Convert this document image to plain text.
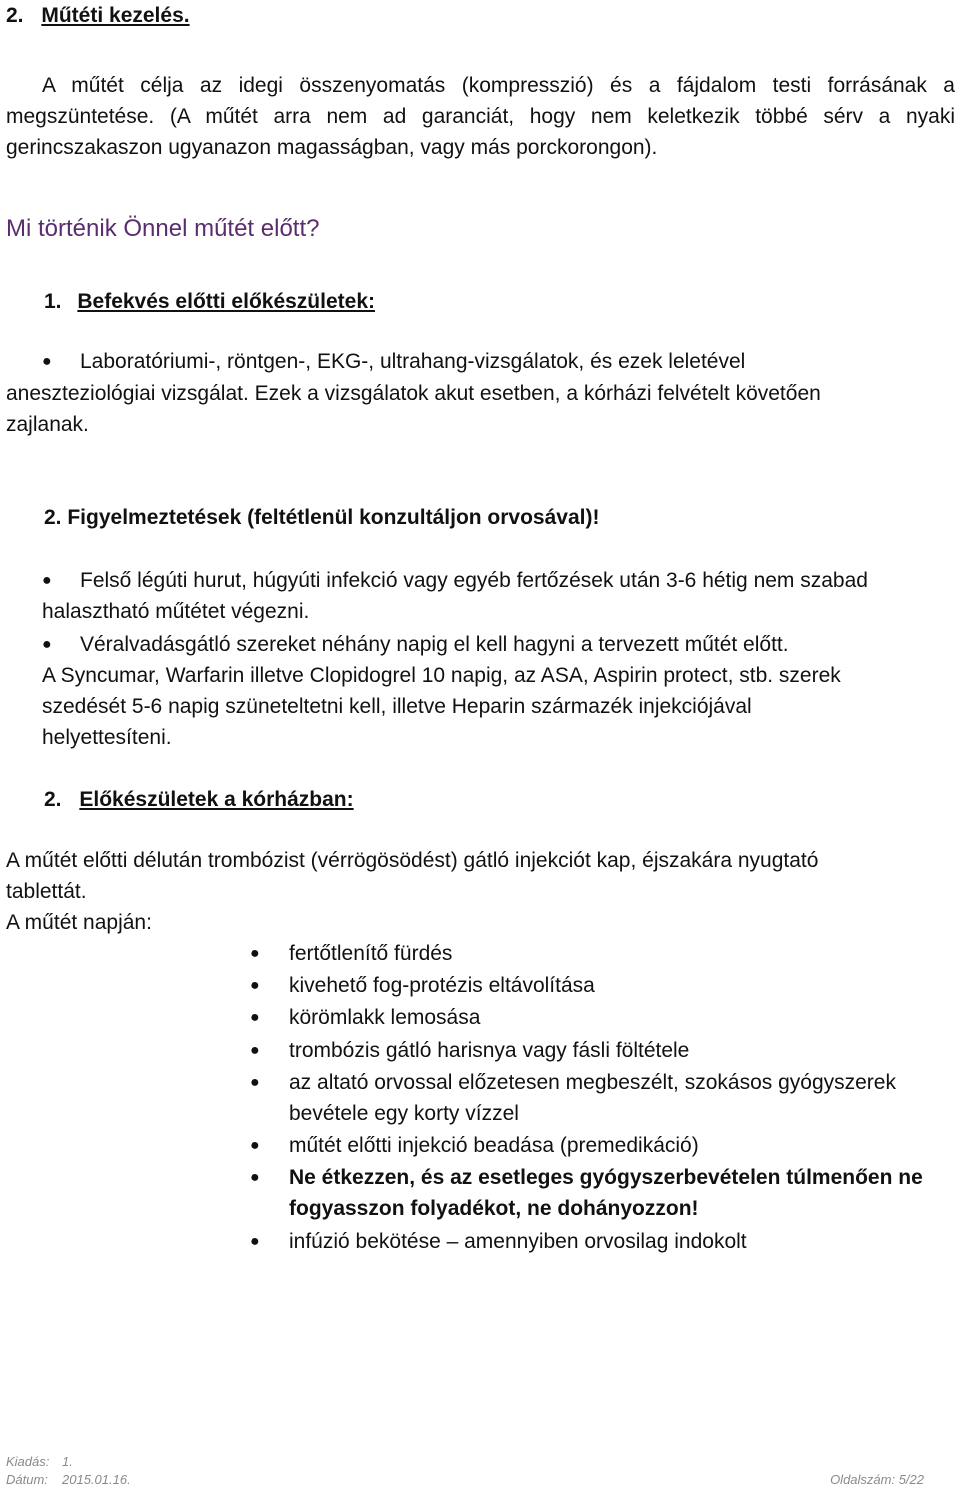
2. Műtéti kezelés.
A műtét célja az idegi összenyomatás (kompresszió) és a fájdalom testi forrásának a
megszüntetése. (A műtét arra nem ad garanciát, hogy nem keletkezik többé sérv a nyaki
gerincszakaszon ugyanazon magasságban, vagy más porckorongon).
Mi történik Önnel műtét előtt?
1. Befekvés előtti előkészületek:
● Laboratóriumi-, röntgen-, EKG-, ultrahang-vizsgálatok, és ezek leletével
aneszteziológiai vizsgálat. Ezek a vizsgálatok akut esetben, a kórházi felvételt követően
zajlanak.
2. Figyelmeztetések (feltétlenül konzultáljon orvosával)!
● Felső légúti hurut, húgyúti infekció vagy egyéb fertőzések után 3-6 hétig nem szabad
halasztható műtétet végezni.
● Véralvadásgátló szereket néhány napig el kell hagyni a tervezett műtét előtt.
A Syncumar, Warfarin illetve Clopidogrel 10 napig, az ASA, Aspirin protect, stb. szerek
szedését 5-6 napig szüneteltetni kell, illetve Heparin származék injekciójával
helyettesíteni.
2. Előkészületek a kórházban:
A műtét előtti délután trombózist (vérrögösödést) gátló injekciót kap, éjszakára nyugtató
tablettát.
A műtét napján:
● fertőtlenítő fürdés
● kivehető fog-protézis eltávolítása
● körömlakk lemosása
● trombózis gátló harisnya vagy fásli föltétele
● az altató orvossal előzetesen megbeszélt, szokásos gyógyszerek
bevétele egy korty vízzel
● műtét előtti injekció beadása (premedikáció)
● Ne étkezzen, és az esetleges gyógyszerbevételen túlmenően ne
fogyasszon folyadékot, ne dohányozzon!
● infúzió bekötése – amennyiben orvosilag indokolt
Kiadás: 1.
Dátum: 2015.01.16.	Oldalszám: 5/22
